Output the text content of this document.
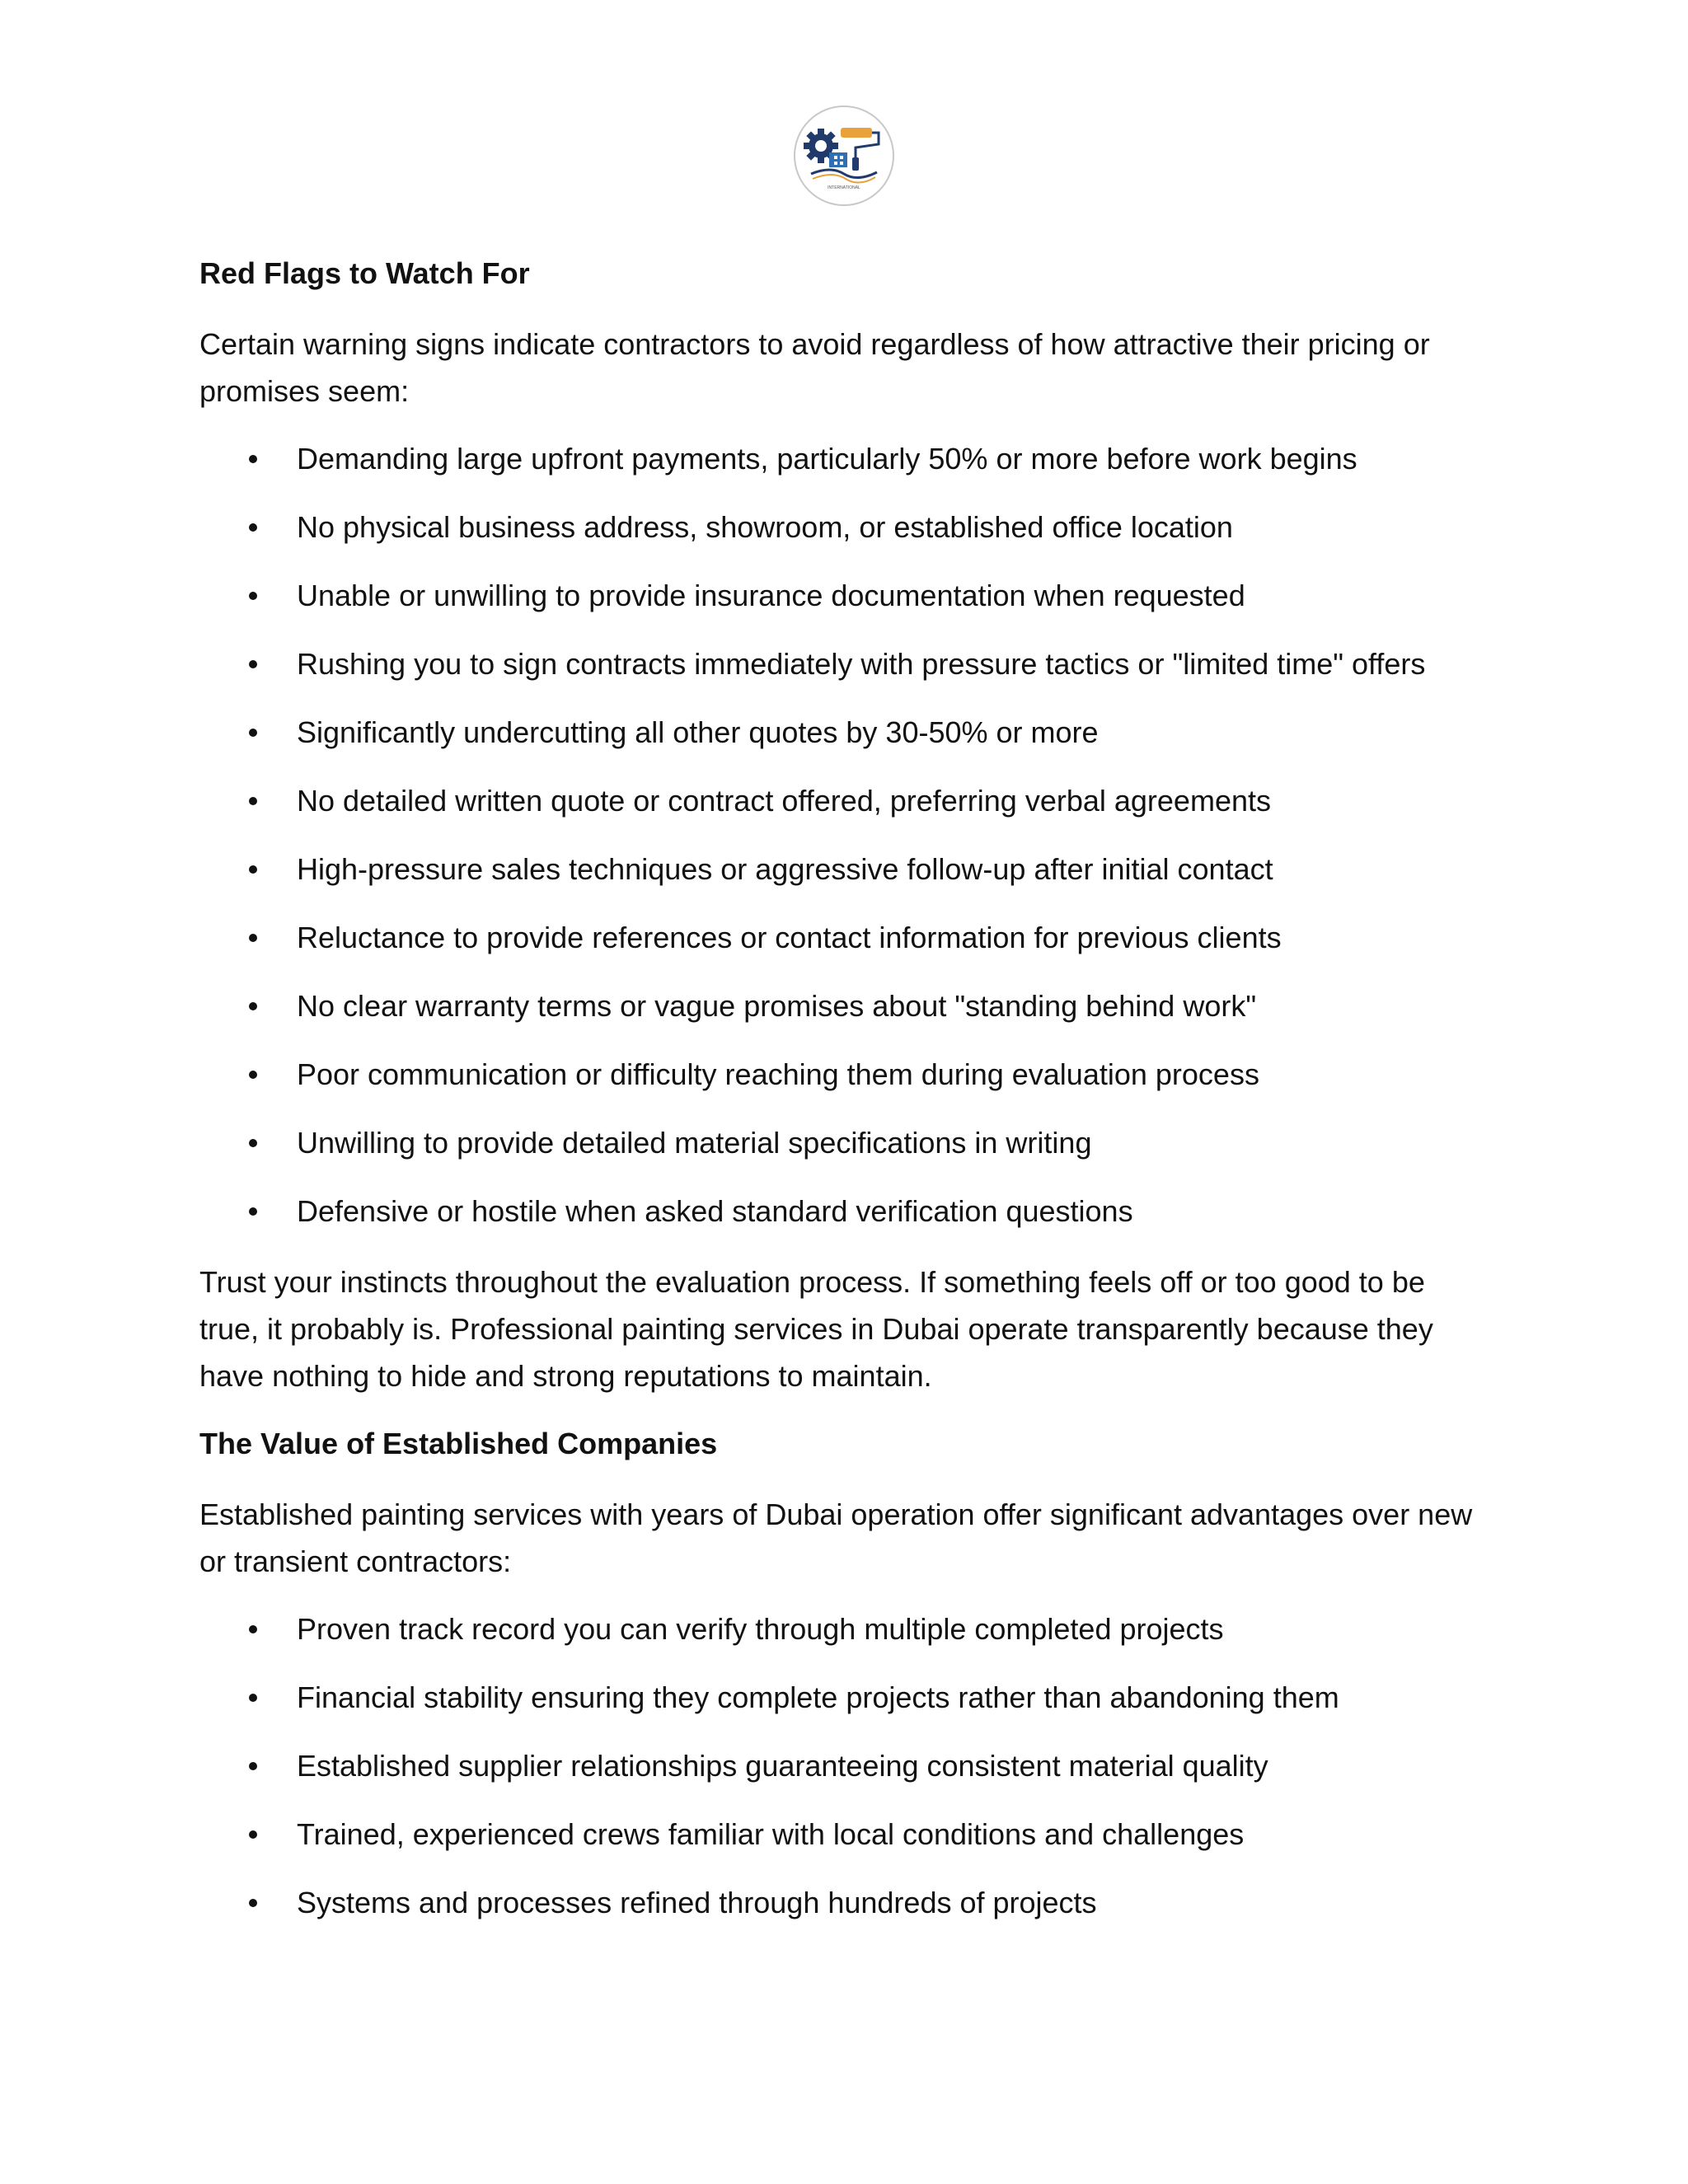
INTERNATIONAL
Red Flags to Watch For
Certain warning signs indicate contractors to avoid regardless of how attractive their pricing or promises seem:
Demanding large upfront payments, particularly 50% or more before work begins
No physical business address, showroom, or established office location
Unable or unwilling to provide insurance documentation when requested
Rushing you to sign contracts immediately with pressure tactics or "limited time" offers
Significantly undercutting all other quotes by 30-50% or more
No detailed written quote or contract offered, preferring verbal agreements
High-pressure sales techniques or aggressive follow-up after initial contact
Reluctance to provide references or contact information for previous clients
No clear warranty terms or vague promises about "standing behind work"
Poor communication or difficulty reaching them during evaluation process
Unwilling to provide detailed material specifications in writing
Defensive or hostile when asked standard verification questions
Trust your instincts throughout the evaluation process. If something feels off or too good to be true, it probably is. Professional painting services in Dubai operate transparently because they have nothing to hide and strong reputations to maintain.
The Value of Established Companies
Established painting services with years of Dubai operation offer significant advantages over new or transient contractors:
Proven track record you can verify through multiple completed projects
Financial stability ensuring they complete projects rather than abandoning them
Established supplier relationships guaranteeing consistent material quality
Trained, experienced crews familiar with local conditions and challenges
Systems and processes refined through hundreds of projects
